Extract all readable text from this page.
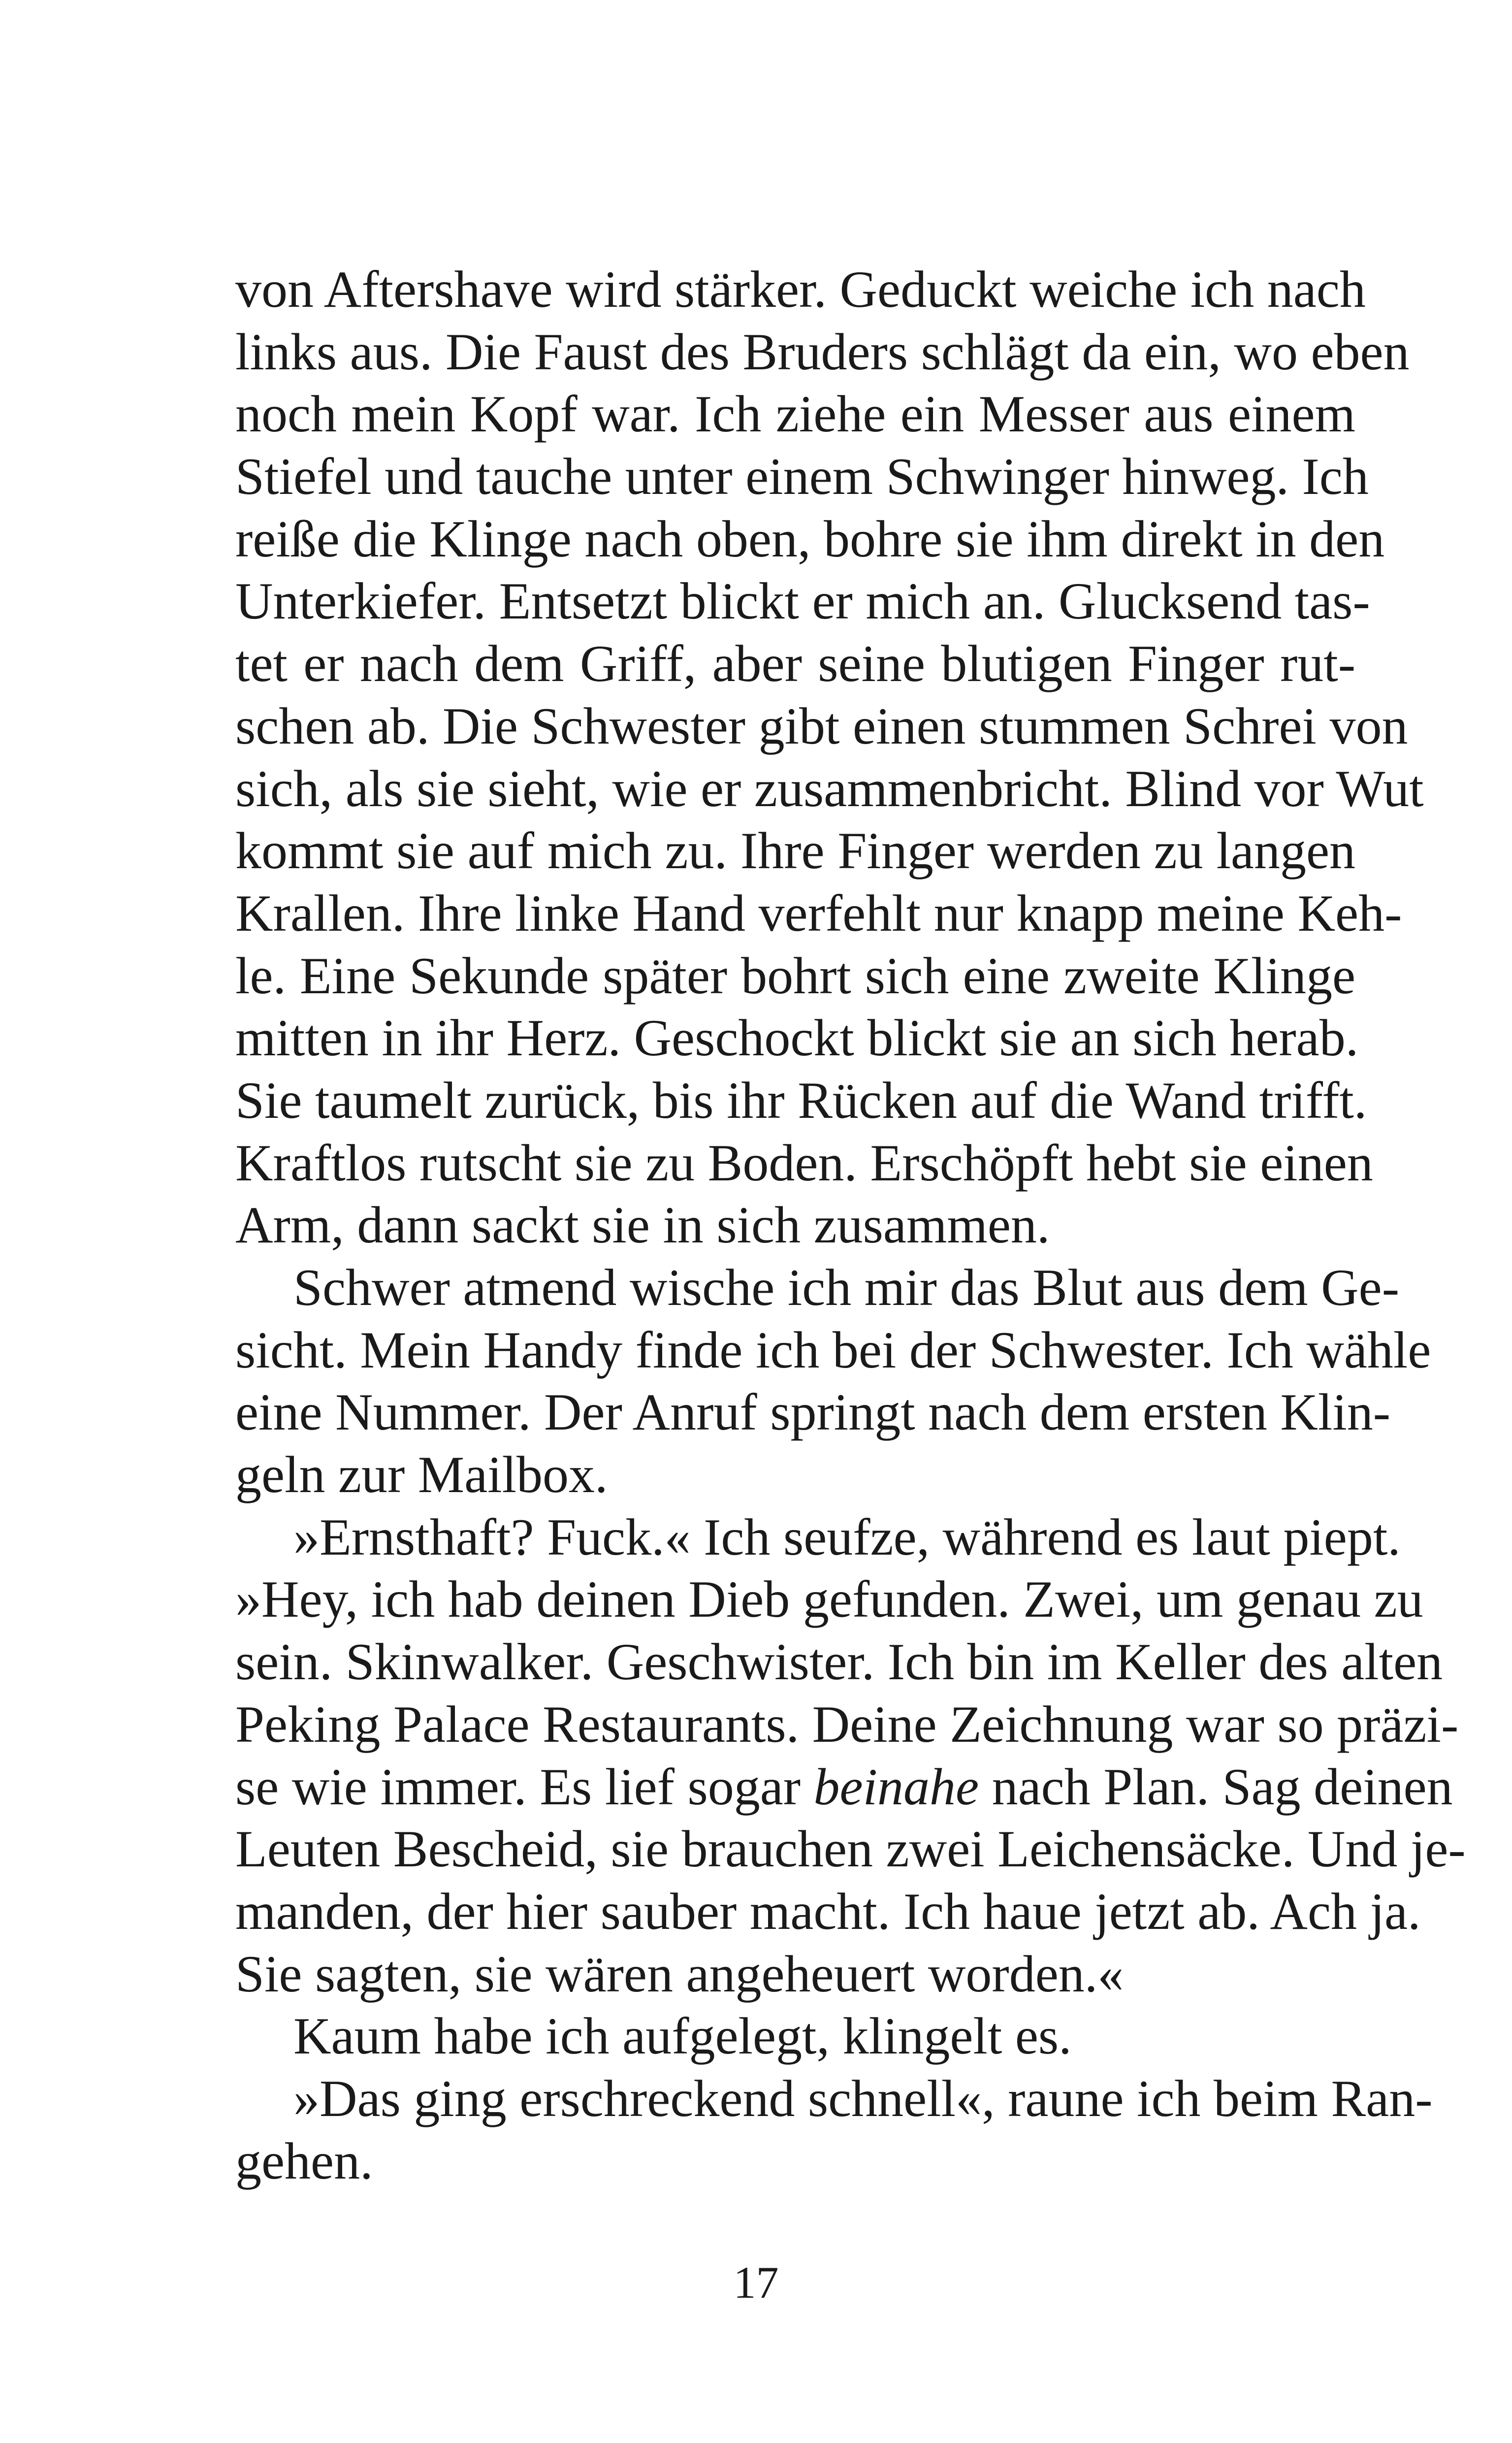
von Aftershave wird stärker. Geduckt weiche ich nach
links aus. Die Faust des Bruders schlägt da ein, wo eben
noch mein Kopf war. Ich ziehe ein Messer aus einem
Stiefel und tauche unter einem Schwinger hinweg. Ich
reiße die Klinge nach oben, bohre sie ihm direkt in den
Unterkiefer. Entsetzt blickt er mich an. Glucksend tas-
tet er nach dem Griff, aber seine blutigen Finger rut-
schen ab. Die Schwester gibt einen stummen Schrei von
sich, als sie sieht, wie er zusammenbricht. Blind vor Wut
kommt sie auf mich zu. Ihre Finger werden zu langen
Krallen. Ihre linke Hand verfehlt nur knapp meine Keh-
le. Eine Sekunde später bohrt sich eine zweite Klinge
mitten in ihr Herz. Geschockt blickt sie an sich herab.
Sie taumelt zurück, bis ihr Rücken auf die Wand trifft.
Kraftlos rutscht sie zu Boden. Erschöpft hebt sie einen
Arm, dann sackt sie in sich zusammen.
Schwer atmend wische ich mir das Blut aus dem Ge-
sicht. Mein Handy finde ich bei der Schwester. Ich wähle
eine Nummer. Der Anruf springt nach dem ersten Klin-
geln zur Mailbox.
»Ernsthaft? Fuck.« Ich seufze, während es laut piept.
»Hey, ich hab deinen Dieb gefunden. Zwei, um genau zu
sein. Skinwalker. Geschwister. Ich bin im Keller des alten
Peking Palace Restaurants. Deine Zeichnung war so präzi-
se wie immer. Es lief sogar beinahe nach Plan. Sag deinen
Leuten Bescheid, sie brauchen zwei Leichensäcke. Und je-
manden, der hier sauber macht. Ich haue jetzt ab. Ach ja.
Sie sagten, sie wären angeheuert worden.«
Kaum habe ich aufgelegt, klingelt es.
»Das ging erschreckend schnell«, raune ich beim Ran-
gehen.
17
